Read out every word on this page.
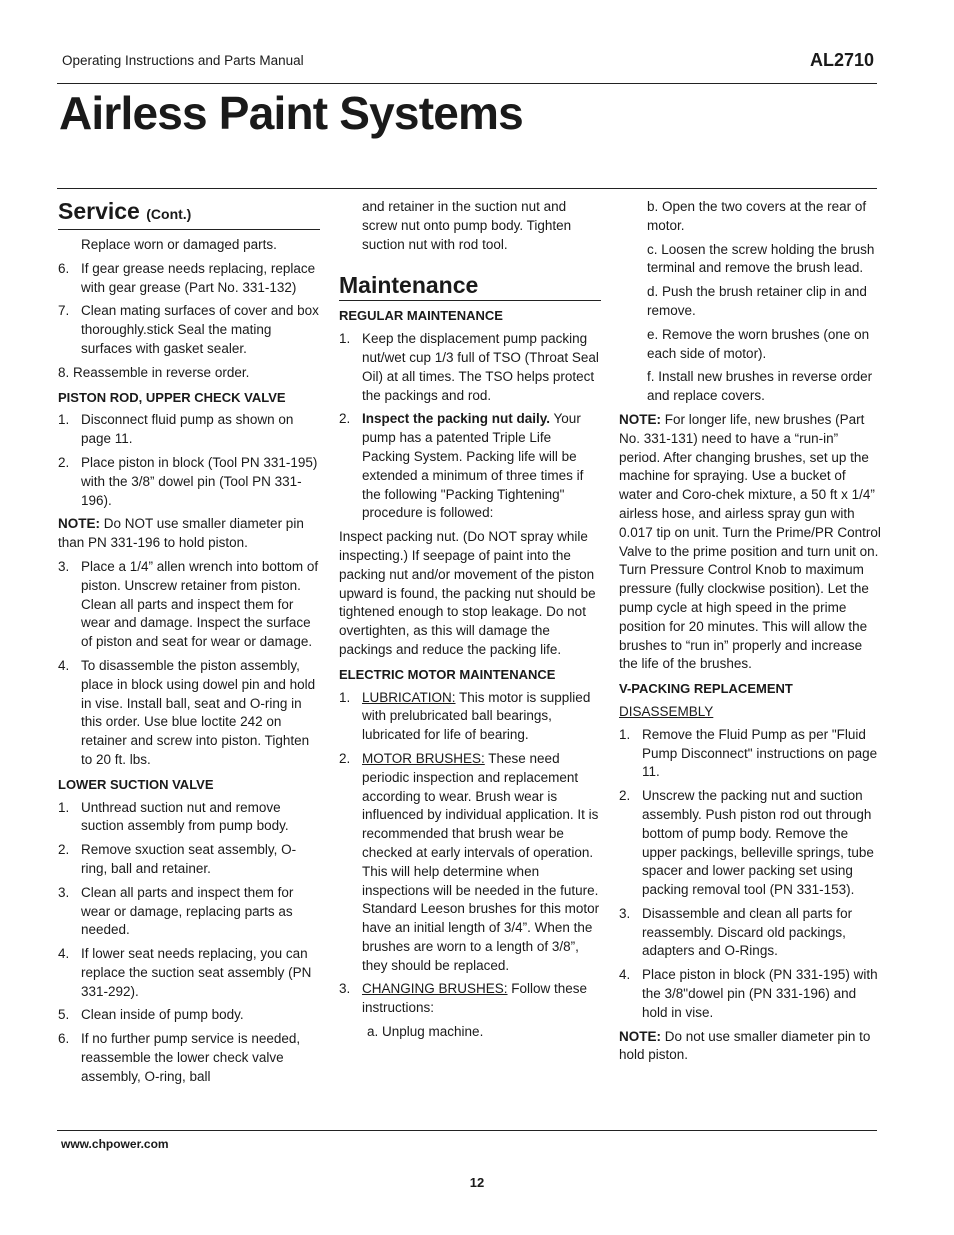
Operating Instructions and Parts Manual	AL2710
Airless Paint Systems
Service (Cont.)

Replace worn or damaged parts.

6. If gear grease needs replacing, replace with gear grease (Part No. 331-132)
7. Clean mating surfaces of cover and box thoroughly.stick Seal the mating surfaces with gasket sealer.

8. Reassemble in reverse order.

PISTON ROD, UPPER CHECK VALVE
1. Disconnect fluid pump as shown on page 11.
2. Place piston in block (Tool PN 331-195) with the 3/8” dowel pin (Tool PN 331-196).

NOTE: Do NOT use smaller diameter pin than PN 331-196 to hold piston.

3. Place a 1/4” allen wrench into bottom of piston. Unscrew retainer from piston. Clean all parts and inspect them for wear and damage. Inspect the surface of piston and seat for wear or damage.
4. To disassemble the piston assembly, place in block using dowel pin and hold in vise. Install ball, seat and O-ring in this order. Use blue loctite 242 on retainer and screw into piston. Tighten to 20 ft. lbs.
LOWER SUCTION VALVE
1. Unthread suction nut and remove suction assembly from pump body.
2. Remove sxuction seat assembly, O-ring, ball and retainer.
3. Clean all parts and inspect them for wear or damage, replacing parts as needed.
4. If lower seat needs replacing, you can replace the suction seat assembly (PN 331-292).
5. Clean inside of pump body.
6. If no further pump service is needed, reassemble the lower check valve assembly, O-ring, ball

and retainer in the suction nut and screw nut onto pump body. Tighten suction nut with rod tool.

Maintenance
REGULAR MAINTENANCE
1. Keep the displacement pump packing nut/wet cup 1/3 full of TSO (Throat Seal Oil) at all times. The TSO helps protect the packings and rod.
2. Inspect the packing nut daily. Your pump has a patented Triple Life Packing System. Packing life will be extended a minimum of three times if the following "Packing Tightening" procedure is followed:

Inspect packing nut. (Do NOT spray while inspecting.) If seepage of paint into the packing nut and/or movement of the piston upward is found, the packing nut should be tightened enough to stop leakage. Do not overtighten, as this will damage the packings and reduce the packing life.

ELECTRIC MOTOR MAINTENANCE
1. LUBRICATION: This motor is supplied with prelubricated ball bearings, lubricated for life of bearing.
2. MOTOR BRUSHES: These need periodic inspection and replacement according to wear. Brush wear is influenced by individual application. It is recommended that brush wear be checked at early intervals of operation. This will help determine when inspections will be needed in the future. Standard Leeson brushes for this motor have an initial length of 3/4”. When the brushes are worn to a length of 3/8”, they should be replaced.
3. CHANGING BRUSHES: Follow these instructions:

a. Unplug machine.

b. Open the two covers at the rear of motor.

c. Loosen the screw holding the brush terminal and remove the brush lead.

d. Push the brush retainer clip in and remove.

e. Remove the worn brushes (one on each side of motor).

f. Install new brushes in reverse order and replace covers.

NOTE: For longer life, new brushes (Part No. 331-131) need to have a “run-in” period. After changing brushes, set up the machine for spraying. Use a bucket of water and Coro-chek mixture, a 50 ft x 1/4” airless hose, and airless spray gun with 0.017 tip on unit. Turn the Prime/PR Control Valve to the prime position and turn unit on. Turn Pressure Control Knob to maximum pressure (fully clockwise position). Let the pump cycle at high speed in the prime position for 20 minutes. This will allow the brushes to “run in” properly and increase the life of the brushes.

V-PACKING REPLACEMENT
DISASSEMBLY
1. Remove the Fluid Pump as per "Fluid Pump Disconnect" instructions on page 11.
2. Unscrew the packing nut and suction assembly. Push piston rod out through bottom of pump body. Remove the upper packings, belleville springs, tube spacer and lower packing set using packing removal tool (PN 331-153).
3. Disassemble and clean all parts for reassembly. Discard old packings, adapters and O-Rings.
4. Place piston in block (PN 331-195) with the 3/8"dowel pin (PN 331-196) and hold in vise.

NOTE: Do not use smaller diameter pin to hold piston.

www.chpower.com
12
